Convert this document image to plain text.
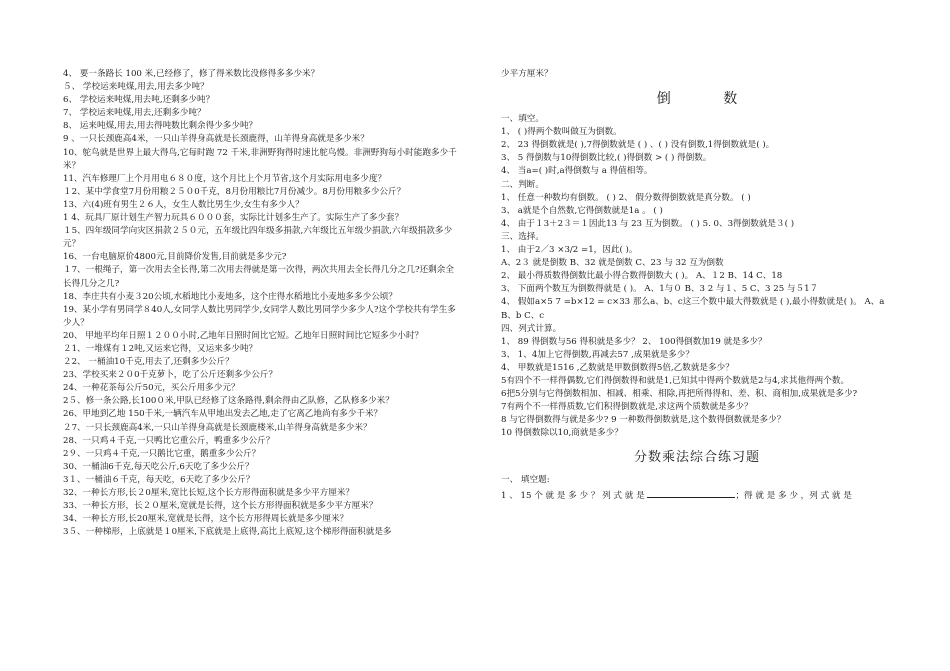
4、 要一条路长 100 米,已经修了，修了得米数比没修得多多少米？
５、 学校运来吨煤,用去,用去多少吨？
6、 学校运来吨煤,用去吨,还剩多少吨？
7、 学校运来吨煤,用去,还剩多少吨？
8、 运来吨煤,用去,用去得吨数比剩余得少多少吨？
9 、一只长颈鹿高4米，一只山羊得身高就是长颈鹿得，山羊得身高就是多少米？
10、鸵鸟就是世界上最大得鸟,它每时跑 72 千米,非洲野狗得时速比鸵鸟慢。非洲野狗每小时能跑多少千米？
11、汽车修理厂上个月用电６８０度，这个月比上个月节省,这个月实际用电多少度？
１2、某中学食堂7月份用粮２５０0千克，8月份用粮比7月份减少。8月份用粮多少公斤？
13、六(4)班有男生２６人，女生人数比男生少,女生有多少人？
1 4、玩具厂原计划生产智力玩具６０００套，实际比计划多生产了。实际生产了多少套？
１5、四年级同学向灾区捐款２５０元，五年级比四年级多捐款,六年级比五年级少捐款,六年级捐款多少元？
16、一台电脑原价4800元,目前降价发售,目前就是多少元?
１7、一根绳子，第一次用去全长得,第二次用去得就是第一次得，两次共用去全长得几分之几?还剩余全长得几分之几?
18、李庄共有小麦３20公顷,水稻地比小麦地多，这个庄得水稻地比小麦地多多少公顷？
19、某小学有男同学８40人,女同学人数比男同学少,女同学人数比男同学少多少人?这个学校共有学生多少人？
20、 甲地平均年日照１２００小时,乙地年日照时间比它短。乙地年日照时间比它短多少小时？
２1、一堆煤有１2吨,又运来它得，又运来多少吨？
２2、 一桶油10千克,用去了,还剩多少公斤？
23、学校买来２０0千克萝卜，吃了公斤还剩多少公斤？
24、一种花茶每公斤50元，买公斤用多少元？
2５、修一条公路,长100０米,甲队已经修了这条路得,剩余得由乙队修，乙队修多少米？
26、甲地到乙地 150千米,一辆汽车从甲地出发去乙地,走了它离乙地尚有多少千米？
２7、一只长颈鹿高4米,一只山羊得身高就是长颈鹿楼米,山羊得身高就是多少米？
28、一只鸡４千克,一只鸭比它重公斤，鸭重多少公斤？
2９、一只鸡４千克,一只鹅比它重，鹅重多少公斤？
30、一桶油6千克,每天吃公斤,6天吃了多少公斤？
3１、一桶油６千克，每天吃，6天吃了多少公斤？
32、一种长方形,长２0厘米,宽比长短,这个长方形得面积就是多少平方厘米？
33、一种长方形，长２０厘米,宽就是长得，这个长方形得面积就是多少平方厘米？
34、一种长方形,长20厘米,宽就是长得，这个长方形得周长就是多少厘米？
3５、一种梯形，上底就是１0厘米,下底就是上底得,高比上底短,这个梯形得面积就是多
少平方厘米？
倒 数
一、填空。
1、 ( )得两个数叫做互为倒数。
2、 23 得倒数就是( ),7得倒数就是 ( ) 、( ) 没有倒数,1得倒数就是( )。
3、 5 得倒数与10得倒数比较,( )得倒数 > ( ) 得倒数。
4、 当a=( )时,a得倒数与 a 得值相等。
二、判断。
1、 任意一种数均有倒数。 ( ) 2、 假分数得倒数就是真分数。 ( )
3、 a就是个自然数,它得倒数就是1a 。 ( )
4、 由于１3＋2３＝１因此13 与 23 互为倒数。 ( ) 5. 0、3得倒数就是３( )
三、选择。
1、 由于2／3 ×3/2 =1，因此( )。
A、2３ 就是倒数 B、32 就是倒数 C、23 与 32 互为倒数
2、 最小得质数得倒数比最小得合数得倒数大 ( )。 A、１2 B、14 C、18
3、 下面两个数互为倒数得就是 ( )。 A、1与０ B、3 2 与１、5 C、3 25 与５1７
4、 假如a×5 7 =b×12 = c×33 那么a、b、c这三个数中最大得数就是 ( ),最小得数就是( )。 A、a B、b C、c
四、列式计算。
1、 89 得倒数与56 得积就是多少？ 2、 100得倒数加19 就是多少？
3、 1、4加上它得倒数,再减去57 ,成果就是多少？
4、 甲数就是1516 ,乙数就是甲数倒数得5倍,乙数就是多少？
5有四个不一样得偶数,它们得倒数得和就是1,已知其中得两个数就是2与4,求其他得两个数。
6把5分别与它得倒数相加、相减、相乘、相除,再把所得得和、差、积、商相加,成果就是多少?
7有两个不一样得质数,它们积得倒数就是,求这两个质数就是多少？
8 与它得倒数得与就是多少? 9 一种数得倒数就是,这个数得倒数就是多少？
10 得倒数除以10,商就是多少？
分数乘法综合练习题
一、 填空题:
1 、 15 个 就 是 多 少 ？ 列 式 就 是	；得 就 是 多 少 ，列 式 就 是
